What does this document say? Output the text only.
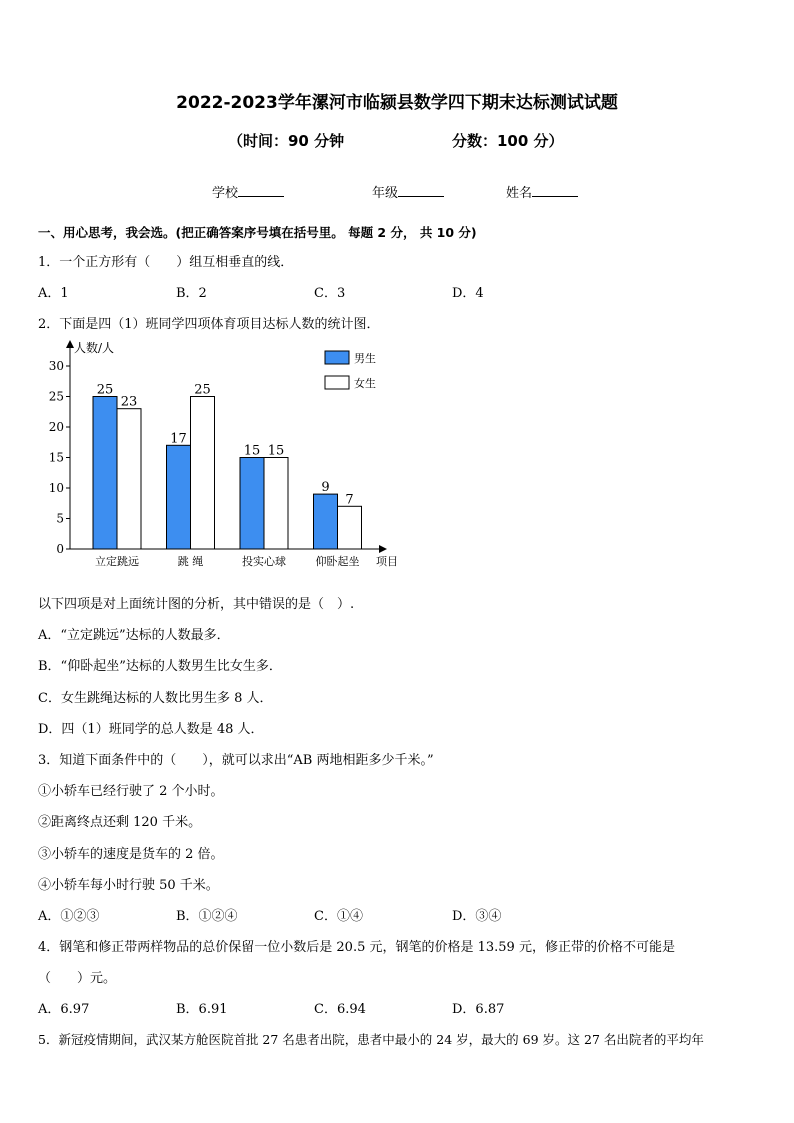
2022-2023学年漯河市临颍县数学四下期末达标测试试题
（时间：90 分钟	分数：100 分）
学校	年级	姓名
一、用心思考，我会选。(把正确答案序号填在括号里。 每题 2 分， 共 10 分)
1．一个正方形有（　　）组互相垂直的线．
A．1	B．2	C．3	D．4
2．下面是四（1）班同学四项体育项目达标人数的统计图．
0
5
10
15
20
25
30
25
23
立定跳远
17
25
跳 绳
15 15
投实心球
9
7
仰卧起坐
人数/人
项目
男生
女生
以下四项是对上面统计图的分析，其中错误的是（　）.
A．“立定跳远”达标的人数最多．
B．“仰卧起坐”达标的人数男生比女生多．
C．女生跳绳达标的人数比男生多 8 人．
D．四（1）班同学的总人数是 48 人．
3．知道下面条件中的（　　），就可以求出“AB 两地相距多少千米。”
①小轿车已经行驶了 2 个小时。
②距离终点还剩 120 千米。
③小轿车的速度是货车的 2 倍。
④小轿车每小时行驶 50 千米。
A．①②③	B．①②④	C．①④	D．③④
4．钢笔和修正带两样物品的总价保留一位小数后是 20.5 元，钢笔的价格是 13.59 元，修正带的价格不可能是
（　　）元。
A．6.97	B．6.91	C．6.94	D．6.87
5．新冠疫情期间，武汉某方舱医院首批 27 名患者出院，患者中最小的 24 岁，最大的 69 岁。这 27 名出院者的平均年
